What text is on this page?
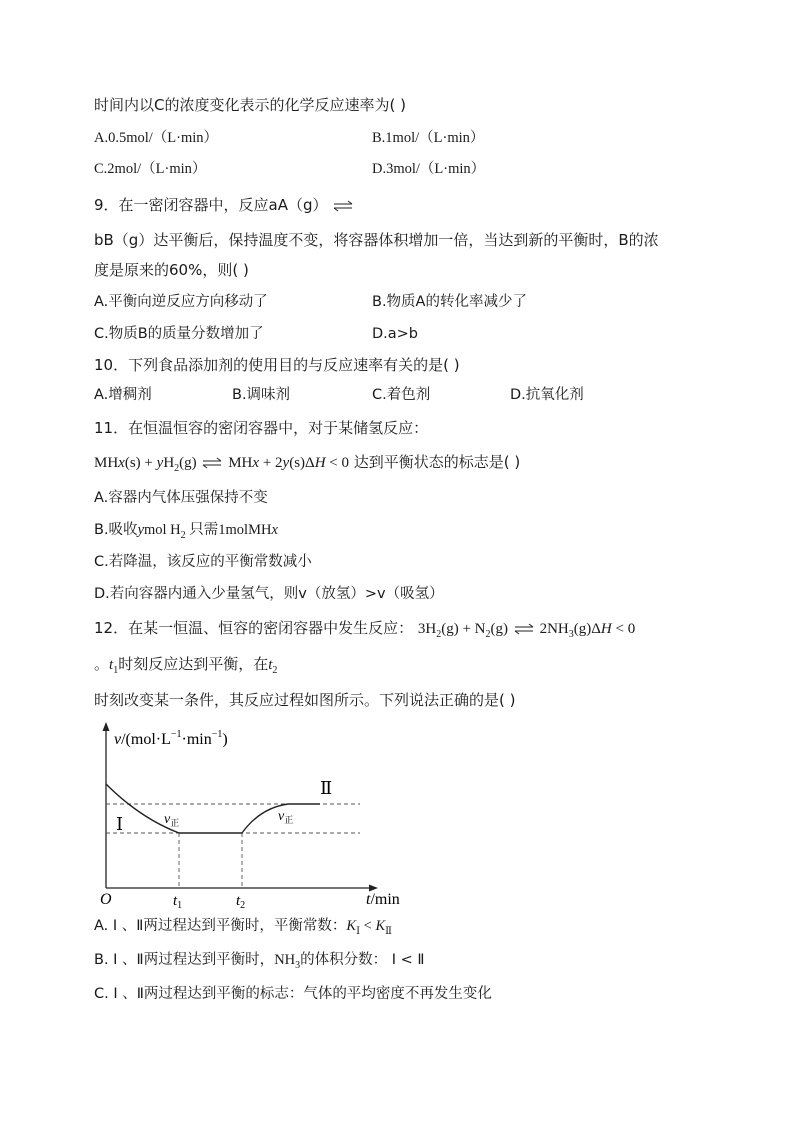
时间内以C的浓度变化表示的化学反应速率为( )
A.0.5mol/（L·min）	B.1mol/（L·min）
C.2mol/（L·min）	D.3mol/（L·min）
9．在一密闭容器中，反应aA（g） ⇌
bB（g）达平衡后，保持温度不变，将容器体积增加一倍，当达到新的平衡时，B的浓
度是原来的60%，则( )
A.平衡向逆反应方向移动了	B.物质A的转化率减少了
C.物质B的质量分数增加了	D.a>b
10．下列食品添加剂的使用目的与反应速率有关的是( )
A.增稠剂	B.调味剂	C.着色剂	D.抗氧化剂
11．在恒温恒容的密闭容器中，对于某储氢反应：
$MHx(s) + yH_2(g)$ ⇌ MHx + 2y(s)ΔH < 0 达到平衡状态的标志是( )
A.容器内气体压强保持不变
B.吸收ymol $H_2$ 只需1molMHx
C.若降温，该反应的平衡常数减小
D.若向容器内通入少量氢气，则v（放氢）>v（吸氢）
12．在某一恒温、恒容的密闭容器中发生反应： $3H_2(g) + N_2(g)$ ⇌ $2NH_3(g)\Delta H < 0$
。$t_1$时刻反应达到平衡，在$t_2$
时刻改变某一条件，其反应过程如图所示。下列说法正确的是( )
$v/(mol\cdot L^{-1}\cdot\min^{-1})$
O	$t_1$	$t_2$	t/min
Ⅰ
Ⅱ
$v_正$	$v_正$
A. Ⅰ 、Ⅱ两过程达到平衡时，平衡常数：$K_Ⅰ < K_Ⅱ$
B. Ⅰ 、Ⅱ两过程达到平衡时，$NH_3$的体积分数： Ⅰ < Ⅱ
C. Ⅰ 、Ⅱ两过程达到平衡的标志：气体的平均密度不再发生变化
